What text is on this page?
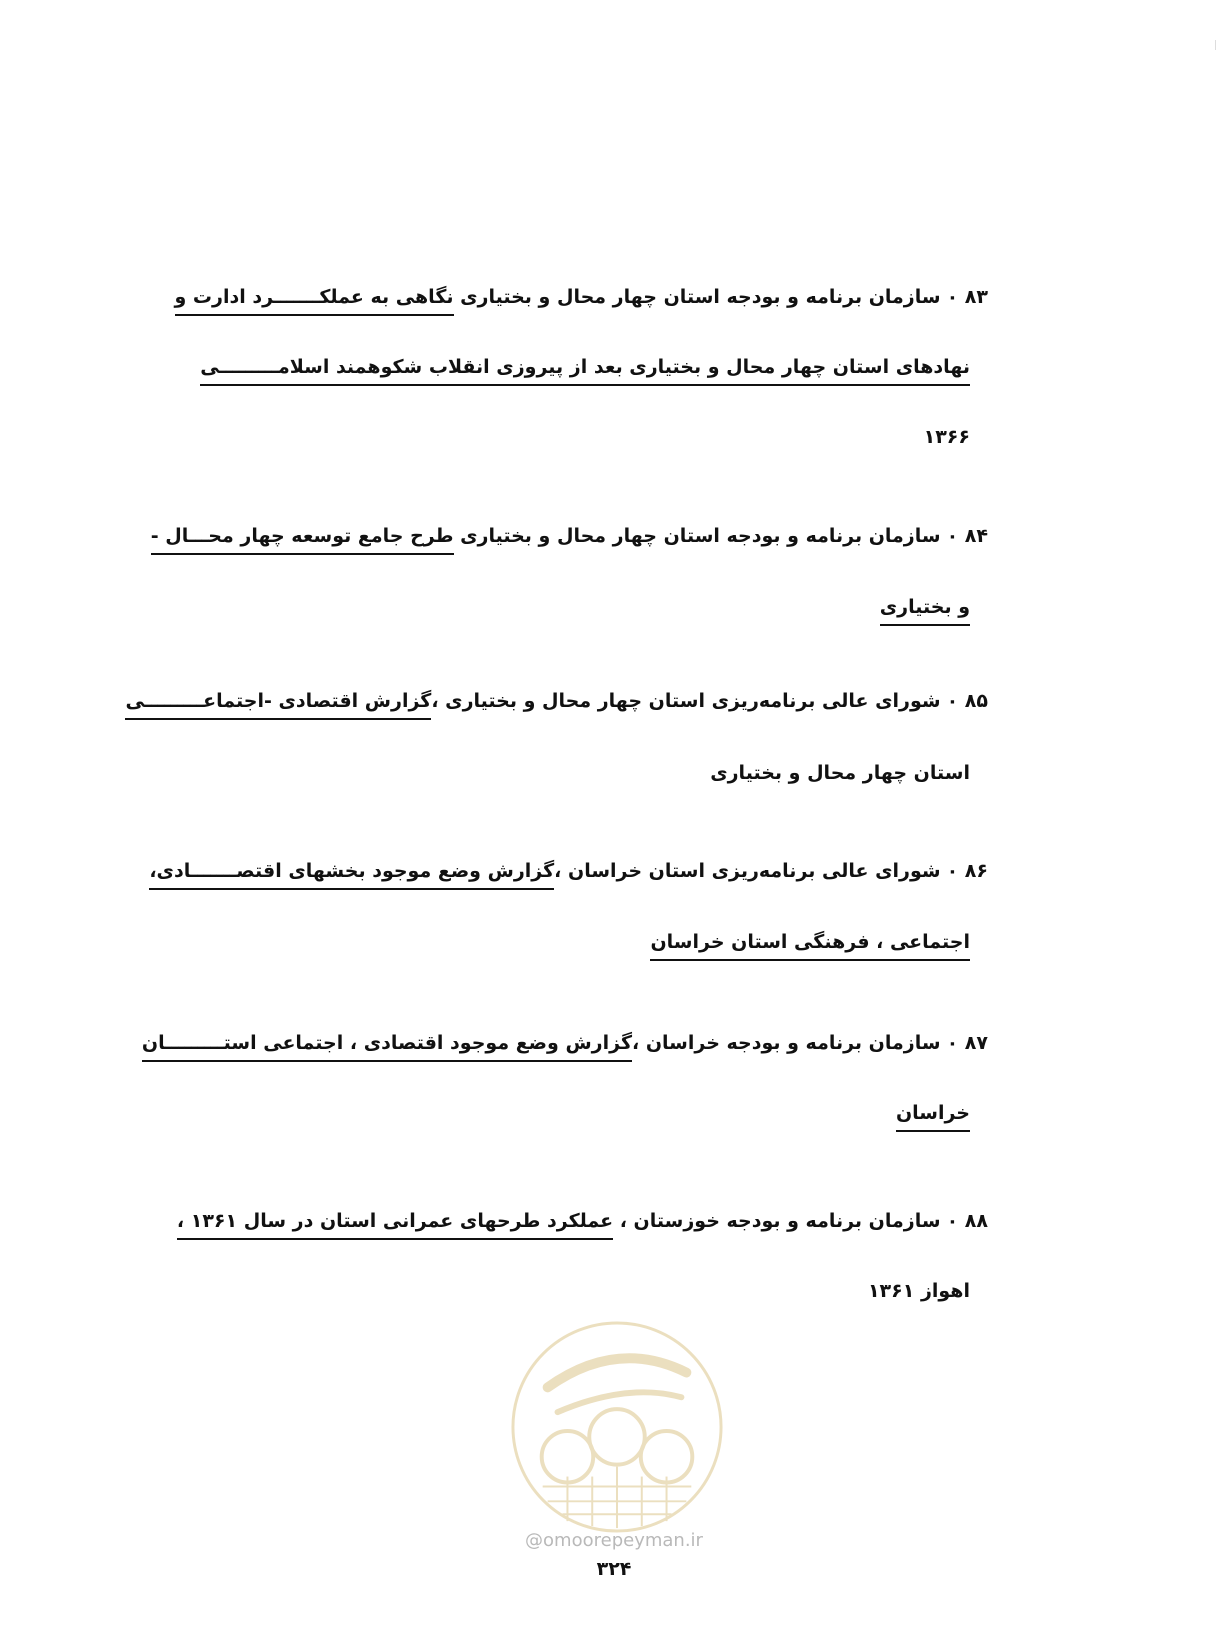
۸۳ ۰سازمان برنامه و بودجه استان چهار محال و بختیاری نگاهی به عملکـــــــرد ادارت و
نهادهای استان چهار محال و بختیاری بعد از پیروزی انقلاب شکوهمند اسلامـــــــــی
۱۳۶۶
۸۴ ۰سازمان برنامه و بودجه استان چهار محال و بختیاری طرح جامع توسعه چهار محـــال -
و بختیاری
۸۵ ۰شورای عالی برنامه‌ریزی استان چهار محال و بختیاری ،گزارش اقتصادی -اجتماعـــــــــی
استان چهار محال و بختیاری
۸۶ ۰شورای عالی برنامه‌ریزی استان خراسان ،گزارش وضع موجود بخشهای اقتصـــــــادی،
اجتماعی ، فرهنگی استان خراسان
۸۷ ۰سازمان برنامه و بودجه خراسان ،گزارش وضع موجود اقتصادی ، اجتماعی استـــــــــان
خراسان
۸۸ ۰سازمان برنامه و بودجه خوزستان ، عملکرد طرحهای عمرانی استان در سال ۱۳۶۱ ،
اهواز ۱۳۶۱
@omoorepeyman.ir
۳۲۴
